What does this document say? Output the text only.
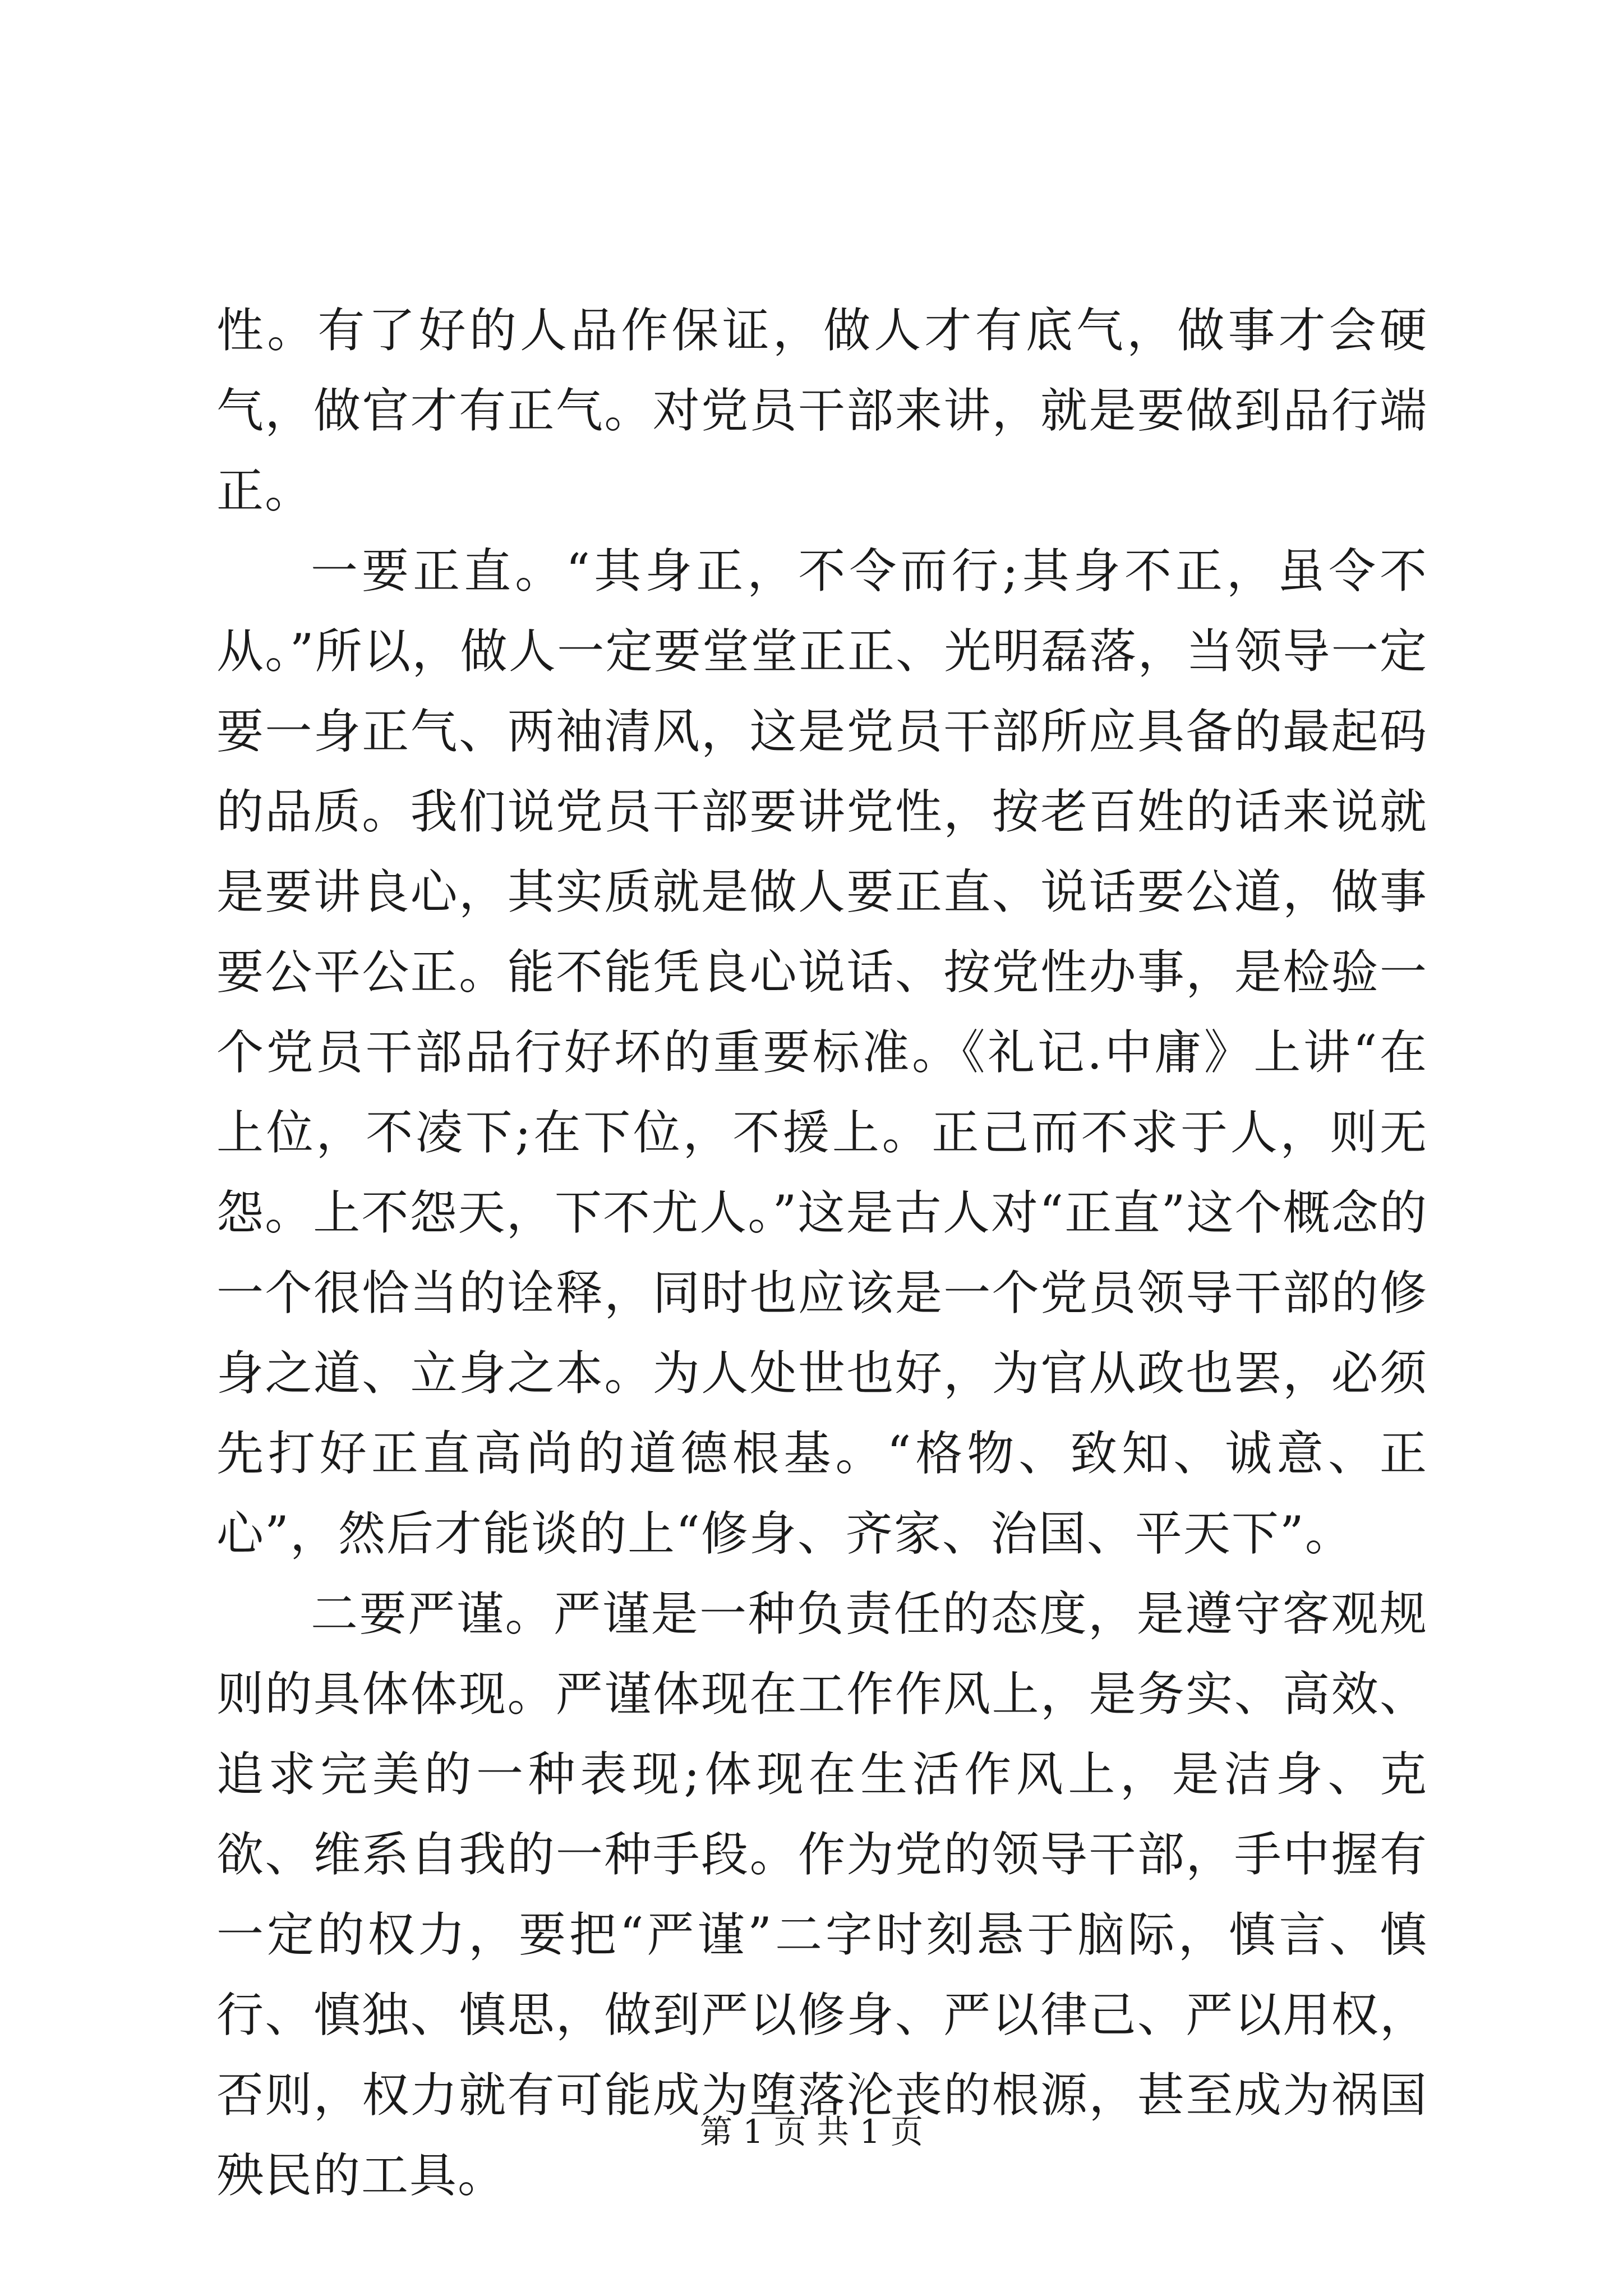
性。有了好的人品作保证，做人才有底气，做事才会硬气，做官才有正气。对党员干部来讲，就是要做到品行端正。

一要正直。“其身正，不令而行;其身不正，虽令不从。”所以，做人一定要堂堂正正、光明磊落，当领导一定要一身正气、两袖清风，这是党员干部所应具备的最起码的品质。我们说党员干部要讲党性，按老百姓的话来说就是要讲良心，其实质就是做人要正直、说话要公道，做事要公平公正。能不能凭良心说话、按党性办事，是检验一个党员干部品行好坏的重要标准。《礼记.中庸》上讲“在上位，不凌下;在下位，不援上。正己而不求于人，则无怨。上不怨天，下不尤人。”这是古人对“正直”这个概念的一个很恰当的诠释，同时也应该是一个党员领导干部的修身之道、立身之本。为人处世也好，为官从政也罢，必须先打好正直高尚的道德根基。“格物、致知、诚意、正心”，然后才能谈的上“修身、齐家、治国、平天下”。

二要严谨。严谨是一种负责任的态度，是遵守客观规则的具体体现。严谨体现在工作作风上，是务实、高效、追求完美的一种表现;体现在生活作风上，是洁身、克欲、维系自我的一种手段。作为党的领导干部，手中握有一定的权力，要把“严谨”二字时刻悬于脑际，慎言、慎行、慎独、慎思，做到严以修身、严以律己、严以用权，否则，权力就有可能成为堕落沦丧的根源，甚至成为祸国殃民的工具。

第 1 页 共 1 页
